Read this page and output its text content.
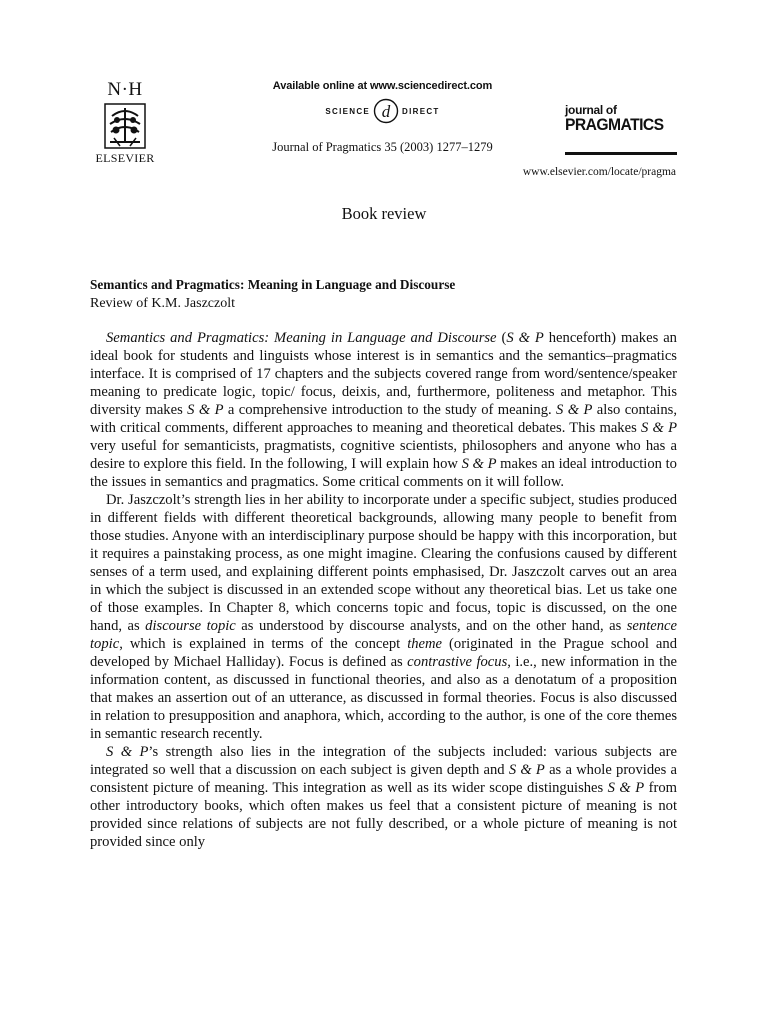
N·H
ELSEVIER
Available online at www.sciencedirect.com
SCIENCE d DIRECT
Journal of Pragmatics 35 (2003) 1277–1279
journal of
PRAGMATICS
www.elsevier.com/locate/pragma
Book review
Semantics and Pragmatics: Meaning in Language and Discourse
Review of K.M. Jaszczolt

Semantics and Pragmatics: Meaning in Language and Discourse (S & P henceforth) makes an ideal book for students and linguists whose interest is in semantics and the semantics–pragmatics interface. It is comprised of 17 chapters and the subjects covered range from word/sentence/speaker meaning to predicate logic, topic/ focus, deixis, and, furthermore, politeness and metaphor. This diversity makes S & P a comprehensive introduction to the study of meaning. S & P also contains, with critical comments, different approaches to meaning and theoretical debates. This makes S & P very useful for semanticists, pragmatists, cognitive scientists, philosophers and anyone who has a desire to explore this field. In the following, I will explain how S & P makes an ideal introduction to the issues in semantics and pragmatics. Some critical comments on it will follow.

Dr. Jaszczolt’s strength lies in her ability to incorporate under a specific subject, studies produced in different fields with different theoretical backgrounds, allowing many people to benefit from those studies. Anyone with an interdisciplinary purpose should be happy with this incorporation, but it requires a painstaking process, as one might imagine. Clearing the confusions caused by different senses of a term used, and explaining different points emphasised, Dr. Jaszczolt carves out an area in which the subject is discussed in an extended scope without any theoretical bias. Let us take one of those examples. In Chapter 8, which concerns topic and focus, topic is discussed, on the one hand, as discourse topic as understood by discourse analysts, and on the other hand, as sentence topic, which is explained in terms of the concept theme (originated in the Prague school and developed by Michael Halliday). Focus is defined as contrastive focus, i.e., new information in the information content, as discussed in functional theories, and also as a denotatum of a proposition that makes an assertion out of an utterance, as discussed in formal theories. Focus is also discussed in relation to presupposition and anaphora, which, according to the author, is one of the core themes in semantic research recently.

S & P’s strength also lies in the integration of the subjects included: various subjects are integrated so well that a discussion on each subject is given depth and S & P as a whole provides a consistent picture of meaning. This integration as well as its wider scope distinguishes S & P from other introductory books, which often makes us feel that a consistent picture of meaning is not provided since relations of subjects are not fully described, or a whole picture of meaning is not provided since only
